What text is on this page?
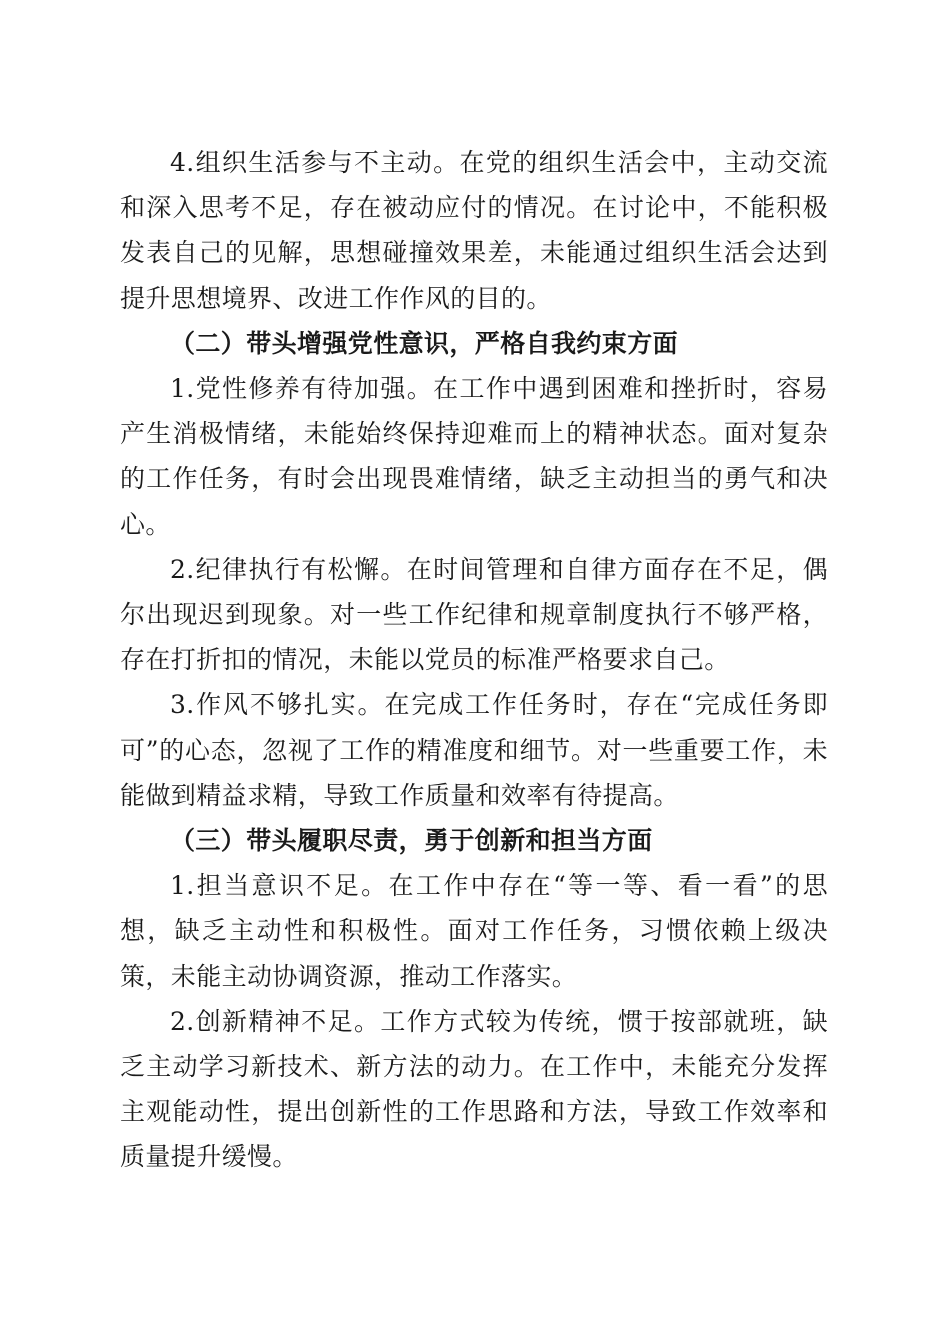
4.组织生活参与不主动。在党的组织生活会中，主动交流和深入思考不足，存在被动应付的情况。在讨论中，不能积极发表自己的见解，思想碰撞效果差，未能通过组织生活会达到提升思想境界、改进工作作风的目的。

（二）带头增强党性意识，严格自我约束方面

1.党性修养有待加强。在工作中遇到困难和挫折时，容易产生消极情绪，未能始终保持迎难而上的精神状态。面对复杂的工作任务，有时会出现畏难情绪，缺乏主动担当的勇气和决心。

2.纪律执行有松懈。在时间管理和自律方面存在不足，偶尔出现迟到现象。对一些工作纪律和规章制度执行不够严格，存在打折扣的情况，未能以党员的标准严格要求自己。

3.作风不够扎实。在完成工作任务时，存在“完成任务即可”的心态，忽视了工作的精准度和细节。对一些重要工作，未能做到精益求精，导致工作质量和效率有待提高。

（三）带头履职尽责，勇于创新和担当方面

1.担当意识不足。在工作中存在“等一等、看一看”的思想，缺乏主动性和积极性。面对工作任务，习惯依赖上级决策，未能主动协调资源，推动工作落实。

2.创新精神不足。工作方式较为传统，惯于按部就班，缺乏主动学习新技术、新方法的动力。在工作中，未能充分发挥主观能动性，提出创新性的工作思路和方法，导致工作效率和质量提升缓慢。
